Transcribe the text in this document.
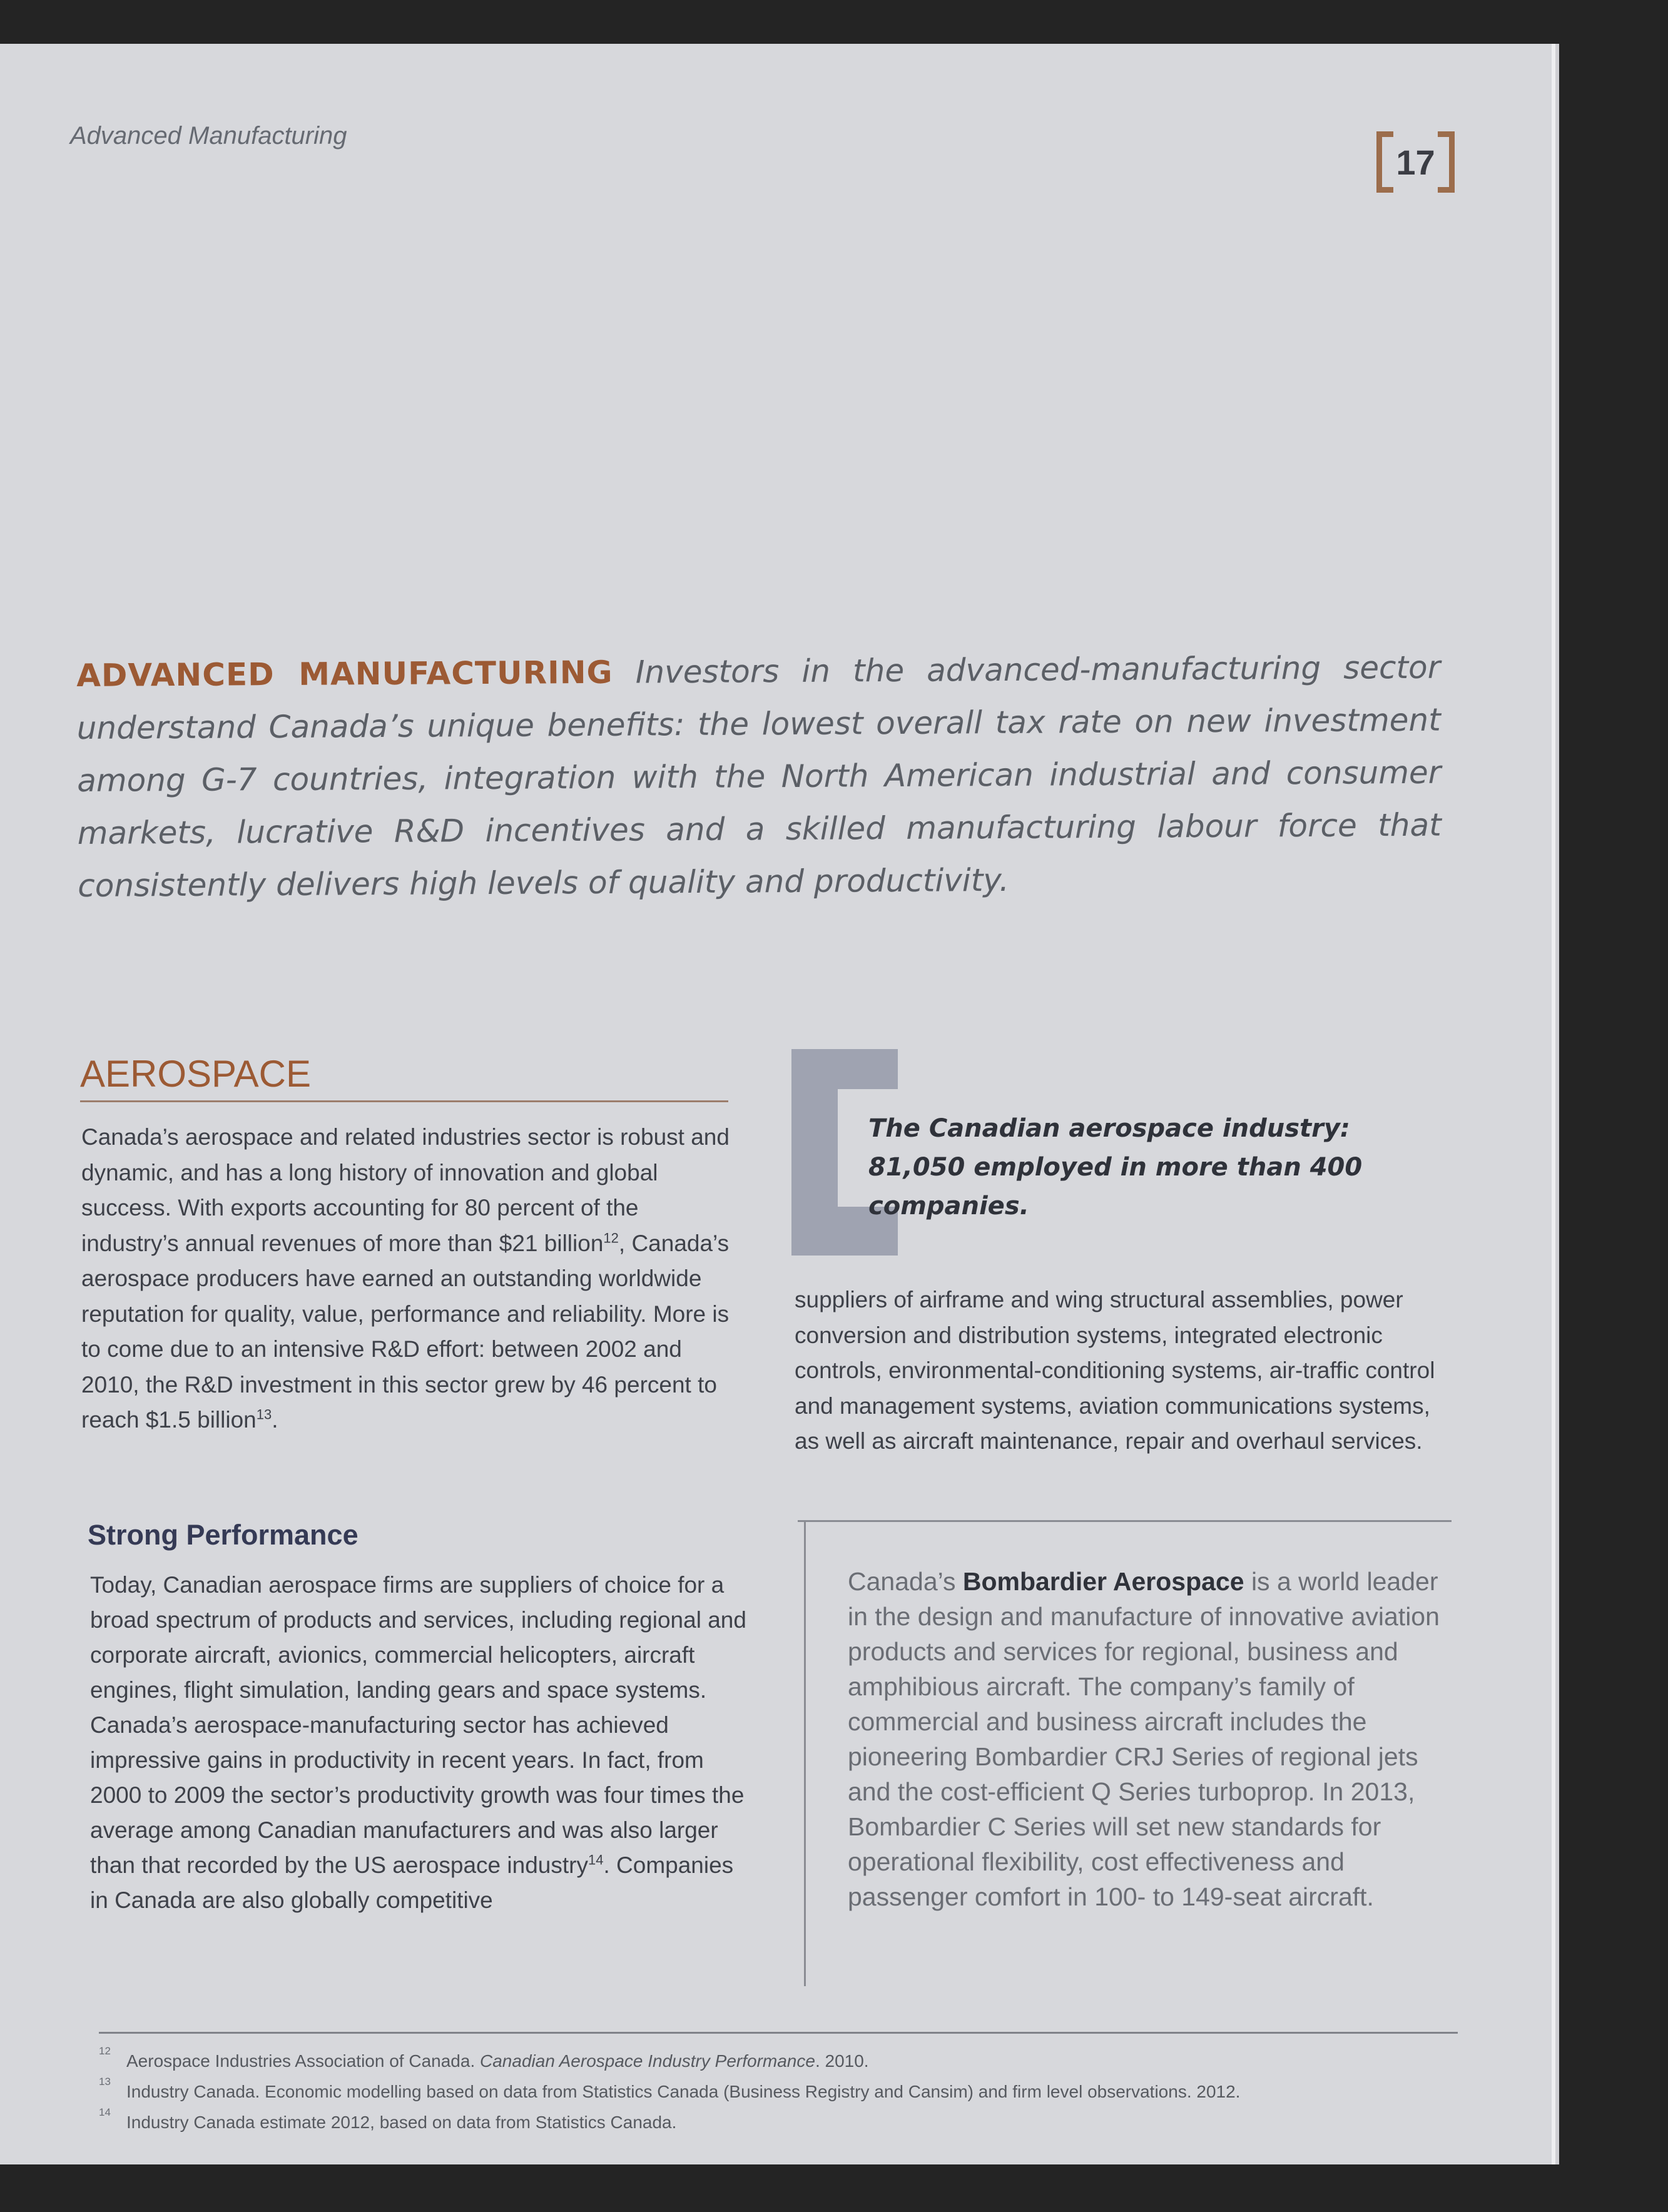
Advanced Manufacturing
17
ADVANCED MANUFACTURING Investors in the advanced-manufacturing sector understand Canada’s unique benefits: the lowest overall tax rate on new investment among G-7 countries, integration with the North American industrial and consumer markets, lucrative R&D incentives and a skilled manufacturing labour force that consistently delivers high levels of quality and productivity.
AEROSPACE
Canada’s aerospace and related industries sector is robust and dynamic, and has a long history of innovation and global success. With exports accounting for 80 percent of the industry’s annual revenues of more than $21 billion$^{12}$, Canada’s aerospace producers have earned an outstanding worldwide reputation for quality, value, performance and reliability. More is to come due to an intensive R&D effort: between 2002 and 2010, the R&D investment in this sector grew by 46 percent to reach $1.5 billion$^{13}$.
Strong Performance
Today, Canadian aerospace firms are suppliers of choice for a broad spectrum of products and services, including regional and corporate aircraft, avionics, commercial helicopters, aircraft engines, flight simulation, landing gears and space systems. Canada’s aerospace-manufacturing sector has achieved impressive gains in productivity in recent years. In fact, from 2000 to 2009 the sector’s productivity growth was four times the average among Canadian manufacturers and was also larger than that recorded by the US aerospace industry$^{14}$. Companies in Canada are also globally competitive
The Canadian aerospace industry:
81,050 employed in more than 400 companies.
suppliers of airframe and wing structural assemblies, power conversion and distribution systems, integrated electronic controls, environmental-conditioning systems, air-traffic control and management systems, aviation communications systems, as well as aircraft maintenance, repair and overhaul services.
Canada’s Bombardier Aerospace is a world leader in the design and manufacture of innovative aviation products and services for regional, business and amphibious aircraft. The company’s family of commercial and business aircraft includes the pioneering Bombardier CRJ Series of regional jets and the cost-efficient Q Series turboprop. In 2013, Bombardier C Series will set new standards for operational flexibility, cost effectiveness and passenger comfort in 100- to 149-seat aircraft.
12
Aerospace Industries Association of Canada. Canadian Aerospace Industry Performance. 2010.
13
Industry Canada. Economic modelling based on data from Statistics Canada (Business Registry and Cansim) and firm level observations. 2012.
14
Industry Canada estimate 2012, based on data from Statistics Canada.
